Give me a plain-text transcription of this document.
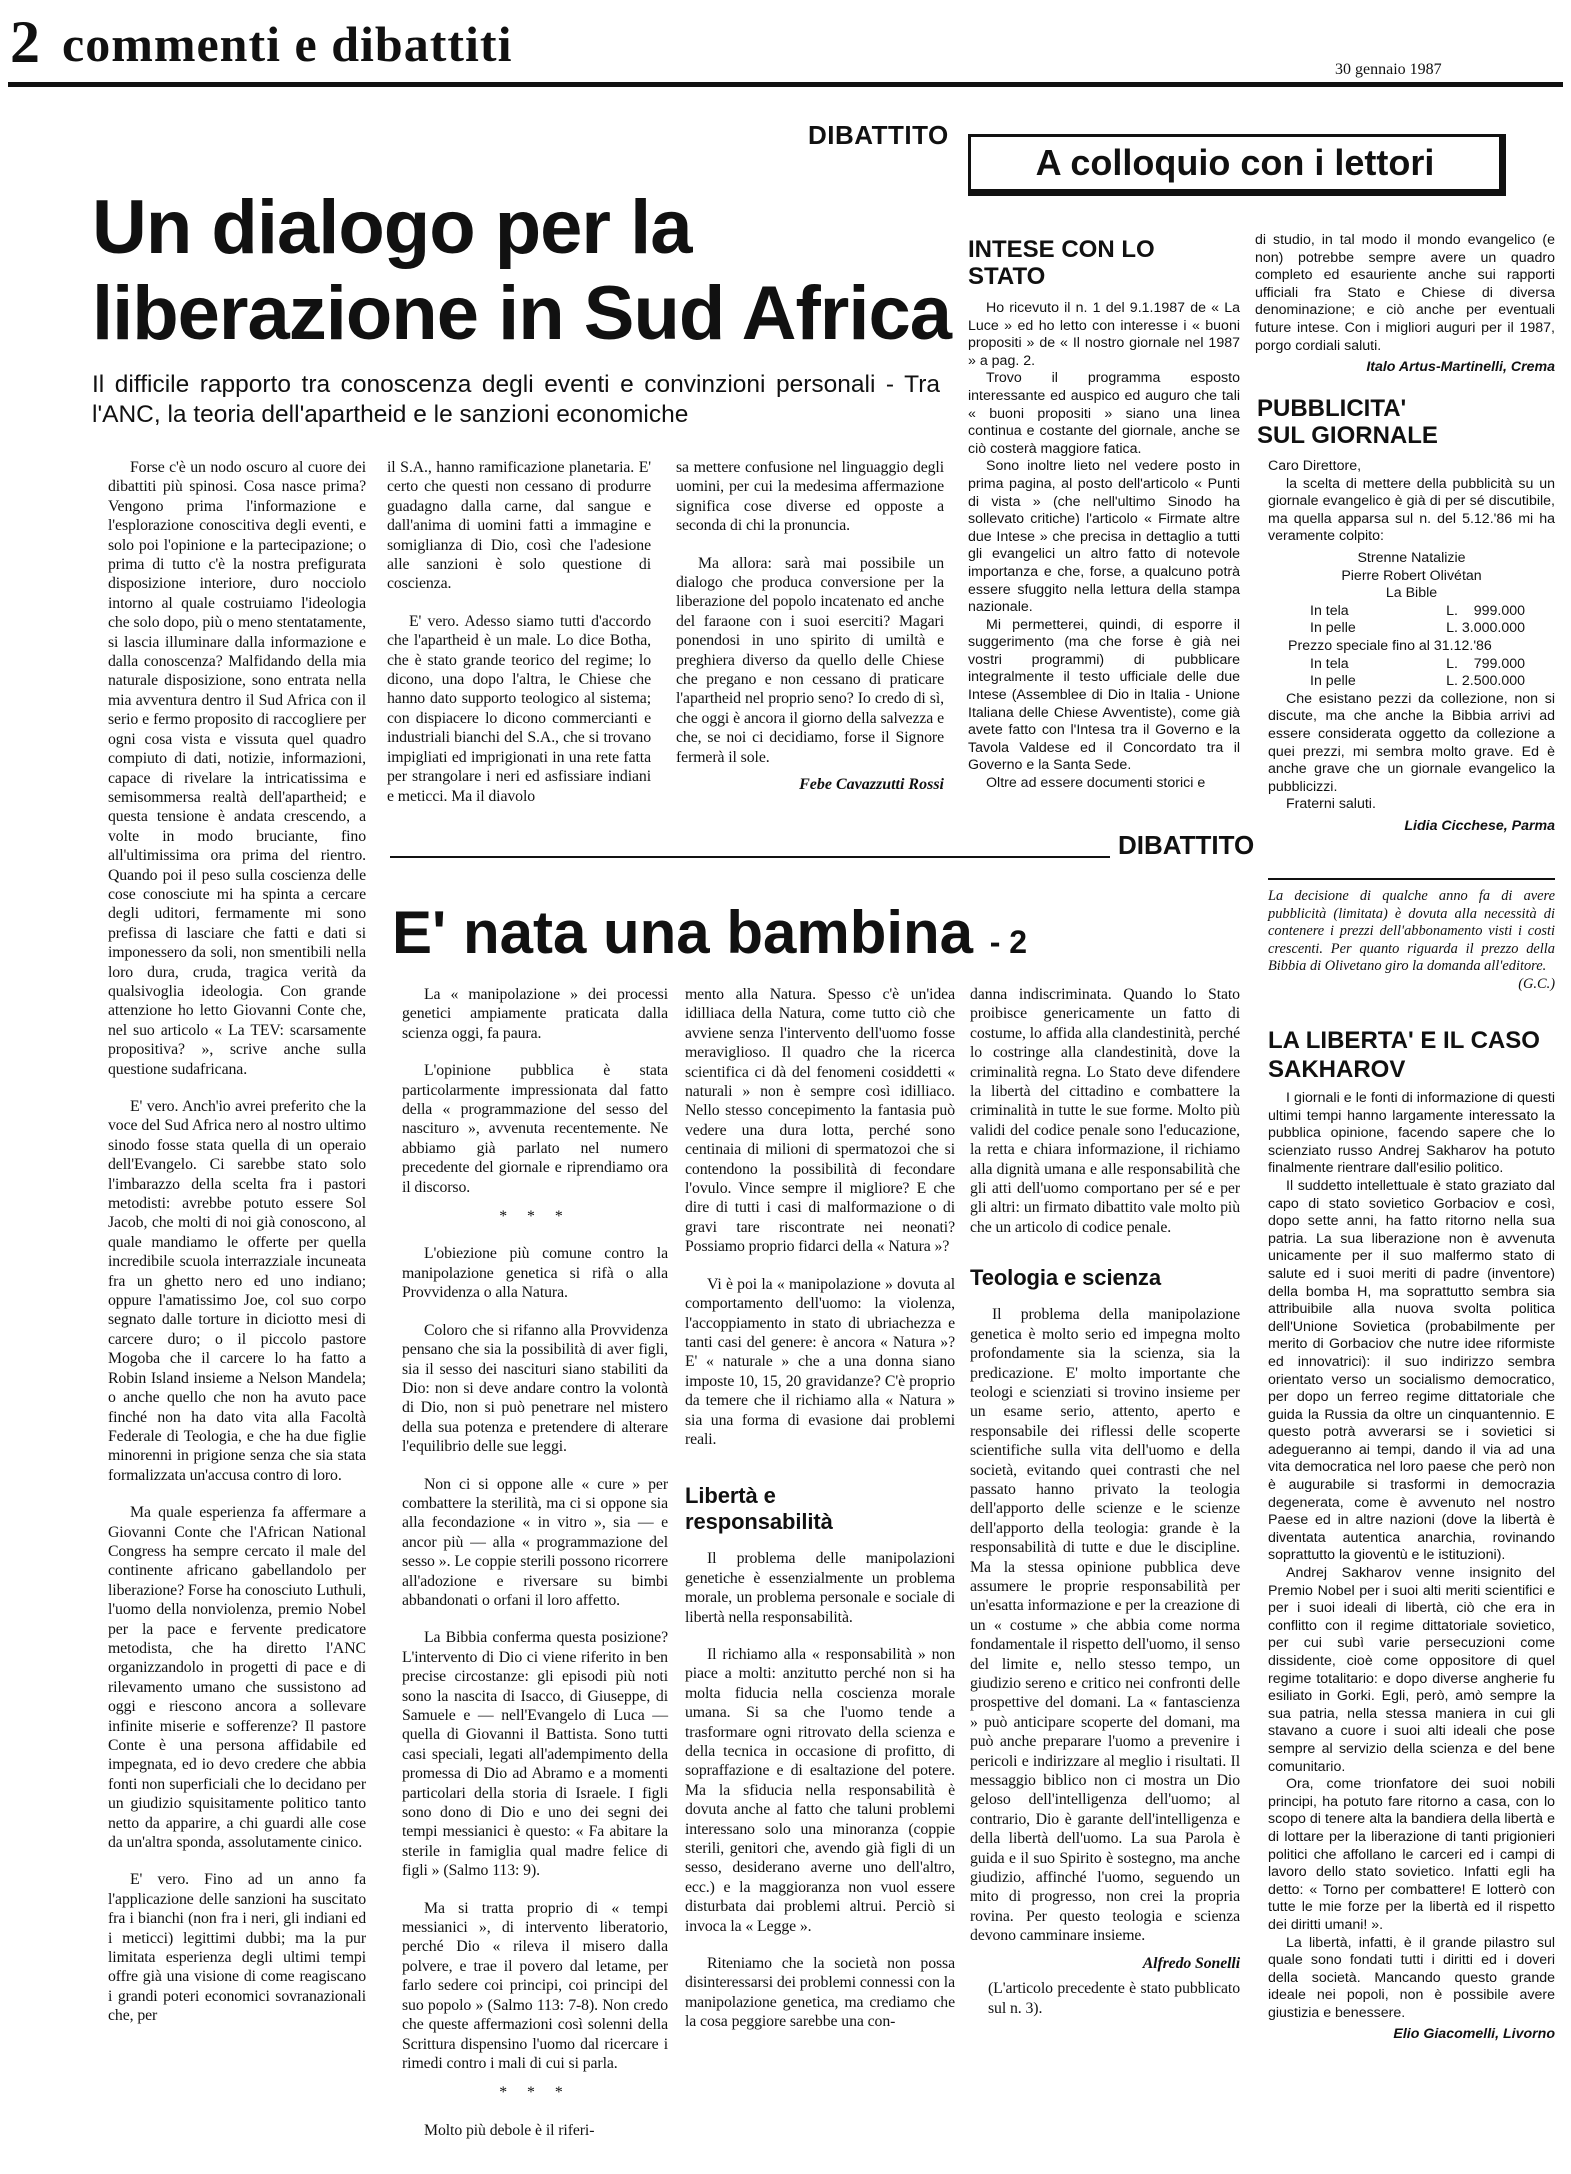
2 commenti e dibattiti	30 gennaio 1987
DIBATTITO
Un dialogo per la
liberazione in Sud Africa
Il difficile rapporto tra conoscenza degli eventi e convinzioni personali - Tra l'ANC, la teoria dell'apartheid e le sanzioni economiche

Forse c'è un nodo oscuro al cuore dei dibattiti più spinosi. Cosa nasce prima? Vengono prima l'informazione e l'esplorazione conoscitiva degli eventi, e solo poi l'opinione e la partecipazione; o prima di tutto c'è la nostra prefigurata disposizione interiore, duro nocciolo intorno al quale costruiamo l'ideologia che solo dopo, più o meno stentatamente, si lascia illuminare dalla informazione e dalla conoscenza? Malfidando della mia naturale disposizione, sono entrata nella mia avventura dentro il Sud Africa con il serio e fermo proposito di raccogliere per ogni cosa vista e vissuta quel quadro compiuto di dati, notizie, informazioni, capace di rivelare la intricatissima e semisommersa realtà dell'apartheid; e questa tensione è andata crescendo, a volte in modo bruciante, fino all'ultimissima ora prima del rientro. Quando poi il peso sulla coscienza delle cose conosciute mi ha spinta a cercare degli uditori, fermamente mi sono prefissa di lasciare che fatti e dati si imponessero da soli, non smentibili nella loro dura, cruda, tragica verità da qualsivoglia ideologia. Con grande attenzione ho letto Giovanni Conte che, nel suo articolo « La TEV: scarsamente propositiva? », scrive anche sulla questione sudafricana.

E' vero. Anch'io avrei preferito che la voce del Sud Africa nero al nostro ultimo sinodo fosse stata quella di un operaio dell'Evangelo. Ci sarebbe stato solo l'imbarazzo della scelta fra i pastori metodisti: avrebbe potuto essere Sol Jacob, che molti di noi già conoscono, al quale mandiamo le offerte per quella incredibile scuola interrazziale incuneata fra un ghetto nero ed uno indiano; oppure l'amatissimo Joe, col suo corpo segnato dalle torture in diciotto mesi di carcere duro; o il piccolo pastore Mogoba che il carcere lo ha fatto a Robin Island insieme a Nelson Mandela; o anche quello che non ha avuto pace finché non ha dato vita alla Facoltà Federale di Teologia, e che ha due figlie minorenni in prigione senza che sia stata formalizzata un'accusa contro di loro.

Ma quale esperienza fa affermare a Giovanni Conte che l'African National Congress ha sempre cercato il male del continente africano gabellandolo per liberazione? Forse ha conosciuto Luthuli, l'uomo della nonviolenza, premio Nobel per la pace e fervente predicatore metodista, che ha diretto l'ANC organizzandolo in progetti di pace e di rilevamento umano che sussistono ad oggi e riescono ancora a sollevare infinite miserie e sofferenze? Il pastore Conte è una persona affidabile ed impegnata, ed io devo credere che abbia fonti non superficiali che lo decidano per un giudizio squisitamente politico tanto netto da apparire, a chi guardi alle cose da un'altra sponda, assolutamente cinico.

E' vero. Fino ad un anno fa l'applicazione delle sanzioni ha suscitato fra i bianchi (non fra i neri, gli indiani ed i meticci) legittimi dubbi; ma la pur limitata esperienza degli ultimi tempi offre già una visione di come reagiscano i grandi poteri economici sovranazionali che, per

il S.A., hanno ramificazione planetaria. E' certo che questi non cessano di produrre guadagno dalla carne, dal sangue e dall'anima di uomini fatti a immagine e somiglianza di Dio, così che l'adesione alle sanzioni è solo questione di coscienza.

E' vero. Adesso siamo tutti d'accordo che l'apartheid è un male. Lo dice Botha, che è stato grande teorico del regime; lo dicono, una dopo l'altra, le Chiese che hanno dato supporto teologico al sistema; con dispiacere lo dicono commercianti e industriali bianchi del S.A., che si trovano impigliati ed imprigionati in una rete fatta per strangolare i neri ed asfissiare indiani e meticci. Ma il diavolo

sa mettere confusione nel linguaggio degli uomini, per cui la medesima affermazione significa cose diverse ed opposte a seconda di chi la pronuncia.

Ma allora: sarà mai possibile un dialogo che produca conversione per la liberazione del popolo incatenato ed anche del faraone con i suoi eserciti? Magari ponendosi in uno spirito di umiltà e preghiera diverso da quello delle Chiese che pregano e non cessano di praticare l'apartheid nel proprio seno? Io credo di sì, che oggi è ancora il giorno della salvezza e che, se noi ci decidiamo, forse il Signore fermerà il sole.

Febe Cavazzutti Rossi
A colloquio con i lettori
INTESE CON LO STATO

Ho ricevuto il n. 1 del 9.1.1987 de « La Luce » ed ho letto con interesse i « buoni propositi » de « Il nostro giornale nel 1987 » a pag. 2.

Trovo il programma esposto interessante ed auspico ed auguro che tali « buoni propositi » siano una linea continua e costante del giornale, anche se ciò costerà maggiore fatica.

Sono inoltre lieto nel vedere posto in prima pagina, al posto dell'articolo « Punti di vista » (che nell'ultimo Sinodo ha sollevato critiche) l'articolo « Firmate altre due Intese » che precisa in dettaglio a tutti gli evangelici un altro fatto di notevole importanza e che, forse, a qualcuno potrà essere sfuggito nella lettura della stampa nazionale.

Mi permetterei, quindi, di esporre il suggerimento (ma che forse è già nei vostri programmi) di pubblicare integralmente il testo ufficiale delle due Intese (Assemblee di Dio in Italia - Unione Italiana delle Chiese Avventiste), come già avete fatto con l'Intesa tra il Governo e la Tavola Valdese ed il Concordato tra il Governo e la Santa Sede.

Oltre ad essere documenti storici e

di studio, in tal modo il mondo evangelico (e non) potrebbe sempre avere un quadro completo ed esauriente anche sui rapporti ufficiali fra Stato e Chiese di diversa denominazione; e ciò anche per eventuali future intese. Con i migliori auguri per il 1987, porgo cordiali saluti.

Italo Artus-Martinelli, Crema

PUBBLICITA' SUL GIORNALE

Caro Direttore,

la scelta di mettere della pubblicità su un giornale evangelico è già di per sé discutibile, ma quella apparsa sul n. del 5.12.'86 mi ha veramente colpito:

Strenne Natalizie

Pierre Robert Olivétan

La Bible

In tela	L.    999.000
In pelle	L. 3.000.000
Prezzo speciale fino al 31.12.'86
In tela	L.    799.000
In pelle	L. 2.500.000

Che esistano pezzi da collezione, non si discute, ma che anche la Bibbia arrivi ad essere considerata oggetto da collezione a quei prezzi, mi sembra molto grave. Ed è anche grave che un giornale evangelico la pubblicizzi.

Fraterni saluti.

Lidia Cicchese, Parma

La decisione di qualche anno fa di avere pubblicità (limitata) è dovuta alla necessità di contenere i prezzi dell'abbonamento visti i costi crescenti. Per quanto riguarda il prezzo della Bibbia di Olivetano giro la domanda all'editore.
(G.C.)
LA LIBERTA' E IL CASO SAKHAROV

I giornali e le fonti di informazione di questi ultimi tempi hanno largamente interessato la pubblica opinione, facendo sapere che lo scienziato russo Andrej Sakharov ha potuto finalmente rientrare dall'esilio politico.

Il suddetto intellettuale è stato graziato dal capo di stato sovietico Gorbaciov e così, dopo sette anni, ha fatto ritorno nella sua patria. La sua liberazione non è avvenuta unicamente per il suo malfermo stato di salute ed i suoi meriti di padre (inventore) della bomba H, ma soprattutto sembra sia attribuibile alla nuova svolta politica dell'Unione Sovietica (probabilmente per merito di Gorbaciov che nutre idee riformiste ed innovatrici): il suo indirizzo sembra orientato verso un socialismo democratico, per dopo un ferreo regime dittatoriale che guida la Russia da oltre un cinquantennio. E questo potrà avverarsi se i sovietici si adegueranno ai tempi, dando il via ad una vita democratica nel loro paese che però non è augurabile si trasformi in democrazia degenerata, come è avvenuto nel nostro Paese ed in altre nazioni (dove la libertà è diventata autentica anarchia, rovinando soprattutto la gioventù e le istituzioni).

Andrej Sakharov venne insignito del Premio Nobel per i suoi alti meriti scientifici e per i suoi ideali di libertà, ciò che era in conflitto con il regime dittatoriale sovietico, per cui subì varie persecuzioni come dissidente, cioè come oppositore di quel regime totalitario: e dopo diverse angherie fu esiliato in Gorki. Egli, però, amò sempre la sua patria, nella stessa maniera in cui gli stavano a cuore i suoi alti ideali che pose sempre al servizio della scienza e del bene comunitario.

Ora, come trionfatore dei suoi nobili principi, ha potuto fare ritorno a casa, con lo scopo di tenere alta la bandiera della libertà e di lottare per la liberazione di tanti prigionieri politici che affollano le carceri ed i campi di lavoro dello stato sovietico. Infatti egli ha detto: « Torno per combattere! E lotterò con tutte le mie forze per la libertà ed il rispetto dei diritti umani! ».

La libertà, infatti, è il grande pilastro sul quale sono fondati tutti i diritti ed i doveri della società. Mancando questo grande ideale nei popoli, non è possibile avere giustizia e benessere.

Elio Giacomelli, Livorno

DIBATTITO
E' nata una bambina - 2

La « manipolazione » dei processi genetici ampiamente praticata dalla scienza oggi, fa paura.

L'opinione pubblica è stata particolarmente impressionata dal fatto della « programmazione del sesso del nascituro », avvenuta recentemente. Ne abbiamo già parlato nel numero precedente del giornale e riprendiamo ora il discorso.

* * *

L'obiezione più comune contro la manipolazione genetica si rifà o alla Provvidenza o alla Natura.

Coloro che si rifanno alla Provvidenza pensano che sia la possibilità di aver figli, sia il sesso dei nascituri siano stabiliti da Dio: non si deve andare contro la volontà di Dio, non si può penetrare nel mistero della sua potenza e pretendere di alterare l'equilibrio delle sue leggi.

Non ci si oppone alle « cure » per combattere la sterilità, ma ci si oppone sia alla fecondazione « in vitro », sia — e ancor più — alla « programmazione del sesso ». Le coppie sterili possono ricorrere all'adozione e riversare su bimbi abbandonati o orfani il loro affetto.

La Bibbia conferma questa posizione? L'intervento di Dio ci viene riferito in ben precise circostanze: gli episodi più noti sono la nascita di Isacco, di Giuseppe, di Samuele e — nell'Evangelo di Luca — quella di Giovanni il Battista. Sono tutti casi speciali, legati all'adempimento della promessa di Dio ad Abramo e a momenti particolari della storia di Israele. I figli sono dono di Dio e uno dei segni dei tempi messianici è questo: « Fa abitare la sterile in famiglia qual madre felice di figli » (Salmo 113: 9).

Ma si tratta proprio di « tempi messianici », di intervento liberatorio, perché Dio « rileva il misero dalla polvere, e trae il povero dal letame, per farlo sedere coi principi, coi principi del suo popolo » (Salmo 113: 7-8). Non credo che queste affermazioni così solenni della Scrittura dispensino l'uomo dal ricercare i rimedi contro i mali di cui si parla.

* * *

Molto più debole è il riferi-

mento alla Natura. Spesso c'è un'idea idilliaca della Natura, come tutto ciò che avviene senza l'intervento dell'uomo fosse meraviglioso. Il quadro che la ricerca scientifica ci dà del fenomeni cosiddetti « naturali » non è sempre così idilliaco. Nello stesso concepimento la fantasia può vedere una dura lotta, perché sono centinaia di milioni di spermatozoi che si contendono la possibilità di fecondare l'ovulo. Vince sempre il migliore? E che dire di tutti i casi di malformazione o di gravi tare riscontrate nei neonati? Possiamo proprio fidarci della « Natura »?

Vi è poi la « manipolazione » dovuta al comportamento dell'uomo: la violenza, l'accoppiamento in stato di ubriachezza e tanti casi del genere: è ancora « Natura »? E' « naturale » che a una donna siano imposte 10, 15, 20 gravidanze? C'è proprio da temere che il richiamo alla « Natura » sia una forma di evasione dai problemi reali.

Libertà e responsabilità

Il problema delle manipolazioni genetiche è essenzialmente un problema morale, un problema personale e sociale di libertà nella responsabilità.

Il richiamo alla « responsabilità » non piace a molti: anzitutto perché non si ha molta fiducia nella coscienza morale umana. Si sa che l'uomo tende a trasformare ogni ritrovato della scienza e della tecnica in occasione di profitto, di sopraffazione e di esaltazione del potere. Ma la sfiducia nella responsabilità è dovuta anche al fatto che taluni problemi interessano solo una minoranza (coppie sterili, genitori che, avendo già figli di un sesso, desiderano averne uno dell'altro, ecc.) e la maggioranza non vuol essere disturbata dai problemi altrui. Perciò si invoca la « Legge ».

Riteniamo che la società non possa disinteressarsi dei problemi connessi con la manipolazione genetica, ma crediamo che la cosa peggiore sarebbe una con-

danna indiscriminata. Quando lo Stato proibisce genericamente un fatto di costume, lo affida alla clandestinità, perché lo costringe alla clandestinità, dove la criminalità regna. Lo Stato deve difendere la libertà del cittadino e combattere la criminalità in tutte le sue forme. Molto più validi del codice penale sono l'educazione, la retta e chiara informazione, il richiamo alla dignità umana e alle responsabilità che gli atti dell'uomo comportano per sé e per gli altri: un firmato dibattito vale molto più che un articolo di codice penale.

Teologia e scienza

Il problema della manipolazione genetica è molto serio ed impegna molto profondamente sia la scienza, sia la predicazione. E' molto importante che teologi e scienziati si trovino insieme per un esame serio, attento, aperto e responsabile dei riflessi delle scoperte scientifiche sulla vita dell'uomo e della società, evitando quei contrasti che nel passato hanno privato la teologia dell'apporto delle scienze e le scienze dell'apporto della teologia: grande è la responsabilità di tutte e due le discipline. Ma la stessa opinione pubblica deve assumere le proprie responsabilità per un'esatta informazione e per la creazione di un « costume » che abbia come norma fondamentale il rispetto dell'uomo, il senso del limite e, nello stesso tempo, un giudizio sereno e critico nei confronti delle prospettive del domani. La « fantascienza » può anticipare scoperte del domani, ma può anche preparare l'uomo a prevenire i pericoli e indirizzare al meglio i risultati. Il messaggio biblico non ci mostra un Dio geloso dell'intelligenza dell'uomo; al contrario, Dio è garante dell'intelligenza e della libertà dell'uomo. La sua Parola è guida e il suo Spirito è sostegno, ma anche giudizio, affinché l'uomo, seguendo un mito di progresso, non crei la propria rovina. Per questo teologia e scienza devono camminare insieme.

Alfredo Sonelli

(L'articolo precedente è stato pubblicato sul n. 3).
